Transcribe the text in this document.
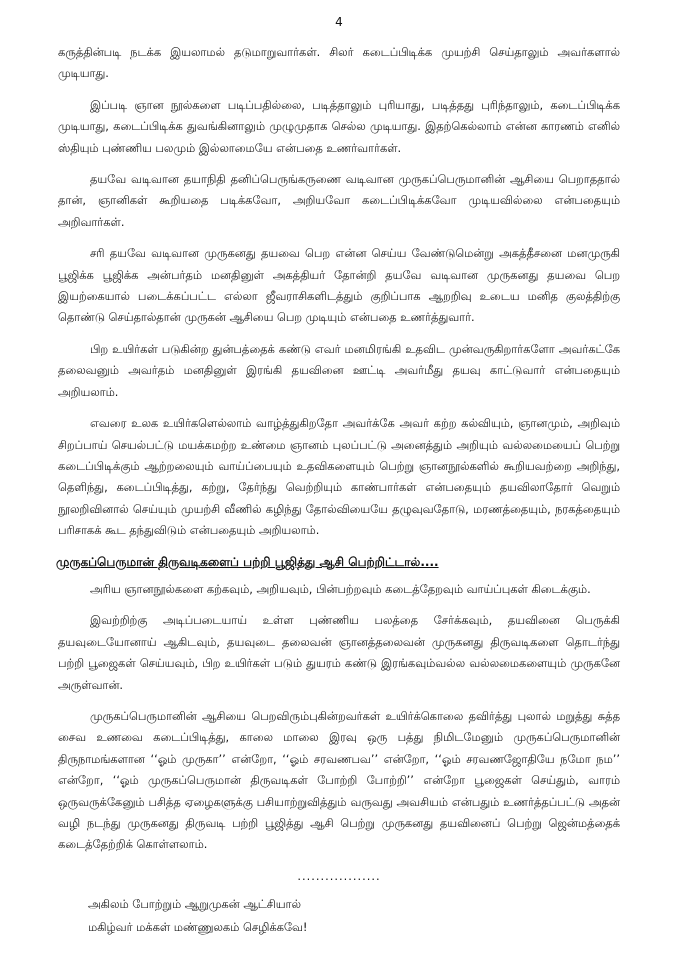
4

கருத்தின்படி நடக்க இயலாமல் தடுமாறுவார்கள். சிலர் கடைப்பிடிக்க முயற்சி செய்தாலும் அவர்களால் முடியாது.

இப்படி ஞான நூல்களை படிப்பதில்லை, படித்தாலும் புரியாது, படித்தது புரிந்தாலும், கடைப்பிடிக்க முடியாது, கடைப்பிடிக்க துவங்கினாலும் முழுமுதாக செல்ல முடியாது. இதற்கெல்லாம் என்ன காரணம் எனில் ஸ்தியும் புண்ணிய பலமும் இல்லாமையே என்பதை உணர்வார்கள்.

தயவே வடிவான தயாநிதி தனிப்பெருங்கருணை வடிவான முருகப்பெருமானின் ஆசியை பெறாததால் தான், ஞானிகள் கூறியதை படிக்கவோ, அறியவோ கடைப்பிடிக்கவோ முடியவில்லை என்பதையும் அறிவார்கள்.

சரி தயவே வடிவான முருகனது தயவை பெற என்ன செய்ய வேண்டுமென்று அகத்தீசனை மனமுருகி பூஜிக்க பூஜிக்க அன்பர்தம் மனதினுள் அகத்தியர் தோன்றி தயவே வடிவான முருகனது தயவை பெற இயற்கையால் படைக்கப்பட்ட எல்லா ஜீவராசிகளிடத்தும் குறிப்பாக ஆறறிவு உடைய மனித குலத்திற்கு தொண்டு செய்தால்தான் முருகன் ஆசியை பெற முடியும் என்பதை உணர்த்துவார்.

பிற உயிர்கள் படுகின்ற துன்பத்தைக் கண்டு எவர் மனமிரங்கி உதவிட முன்வருகிறார்களோ அவர்கட்கே தலைவனும் அவர்தம் மனதினுள் இரங்கி தயவினை ஊட்டி அவர்மீது தயவு காட்டுவார் என்பதையும் அறியலாம்.

எவரை உலக உயிர்களெல்லாம் வாழ்த்துகிறதோ அவர்க்கே அவர் கற்ற கல்வியும், ஞானமும், அறிவும் சிறப்பாய் செயல்பட்டு மயக்கமற்ற உண்மை ஞானம் புலப்பட்டு அனைத்தும் அறியும் வல்லமையைப் பெற்று கடைப்பிடிக்கும் ஆற்றலையும் வாய்ப்பையும் உதவிகளையும் பெற்று ஞானநூல்களில் கூறியவற்றை அறிந்து, தெளிந்து, கடைப்பிடித்து, கற்று, தேர்ந்து வெற்றியும் காண்பார்கள் என்பதையும் தயவிலாதோர் வெறும் நூலறிவினால் செய்யும் முயற்சி வீணில் கழிந்து தோல்வியையே தழுவுவதோடு, மரணத்தையும், நரகத்தையும் பரிசாகக் கூட தந்துவிடும் என்பதையும் அறியலாம்.

முருகப்பெருமான் திருவடிகளைப் பற்றி பூஜித்து ஆசி பெற்றிட்டால்....

அரிய ஞானநூல்களை கற்கவும், அறியவும், பின்பற்றவும் கடைத்தேறவும் வாய்ப்புகள் கிடைக்கும்.

இவற்றிற்கு அடிப்படையாய் உள்ள புண்ணிய பலத்தை சேர்க்கவும், தயவினை பெருக்கி தயவுடையோனாய் ஆகிடவும், தயவுடை தலைவன் ஞானத்தலைவன் முருகனது திருவடிகளை தொடர்ந்து பற்றி பூஜைகள் செய்யவும், பிற உயிர்கள் படும் துயரம் கண்டு இரங்கவும்வல்ல வல்லமைகளையும் முருகனே அருள்வான்.

முருகப்பெருமானின் ஆசியை பெறவிரும்புகின்றவர்கள் உயிர்க்கொலை தவிர்த்து புலால் மறுத்து சுத்த சைவ உணவை கடைப்பிடித்து, காலை மாலை இரவு ஒரு பத்து நிமிடமேனும் முருகப்பெருமானின் திருநாமங்களான ‘‘ஓம் முருகா’’ என்றோ, ‘‘ஓம் சரவணபவ’’ என்றோ, ‘‘ஓம் சரவணஜோதியே நமோ நம’’ என்றோ, ‘‘ஓம் முருகப்பெருமான் திருவடிகள் போற்றி போற்றி’’ என்றோ பூஜைகள் செய்தும், வாரம் ஒருவருக்கேனும் பசித்த ஏழைகளுக்கு பசியாற்றுவித்தும் வருவது அவசியம் என்பதும் உணர்த்தப்பட்டு அதன் வழி நடந்து முருகனது திருவடி பற்றி பூஜித்து ஆசி பெற்று முருகனது தயவினைப் பெற்று ஜென்மத்தைக் கடைத்தேற்றிக் கொள்ளலாம்.

..................
அகிலம் போற்றும் ஆறுமுகன் ஆட்சியால்
மகிழ்வர் மக்கள் மண்ணுலகம் செழிக்கவே!
